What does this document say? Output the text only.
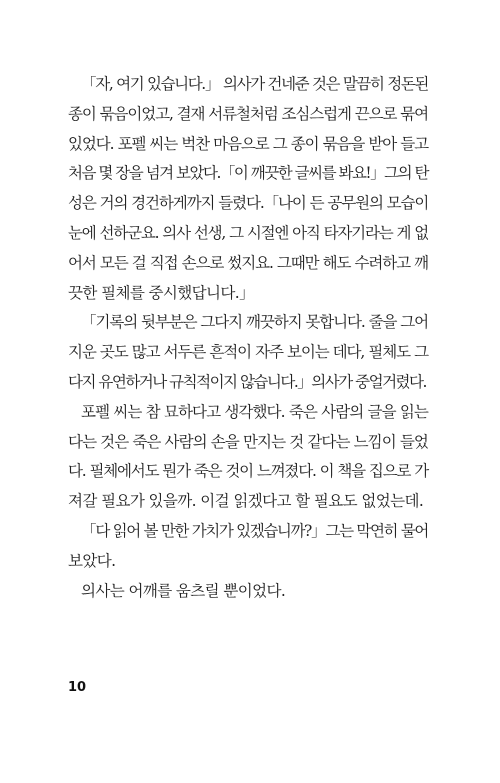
「자, 여기 있습니다.」 의사가 건네준 것은 말끔히 정돈된
종이 묶음이었고, 결재 서류철처럼 조심스럽게 끈으로 묶여
있었다. 포펠 씨는 벅찬 마음으로 그 종이 묶음을 받아 들고
처음 몇 장을 넘겨 보았다.「이 깨끗한 글씨를 봐요!」그의 탄
성은 거의 경건하게까지 들렸다.「나이 든 공무원의 모습이
눈에 선하군요. 의사 선생, 그 시절엔 아직 타자기라는 게 없
어서 모든 걸 직접 손으로 썼지요. 그때만 해도 수려하고 깨
끗한 필체를 중시했답니다.」

「기록의 뒷부분은 그다지 깨끗하지 못합니다. 줄을 그어
지운 곳도 많고 서두른 흔적이 자주 보이는 데다, 필체도 그
다지 유연하거나 규칙적이지 않습니다.」의사가 중얼거렸다.

포펠 씨는 참 묘하다고 생각했다. 죽은 사람의 글을 읽는
다는 것은 죽은 사람의 손을 만지는 것 같다는 느낌이 들었
다. 필체에서도 뭔가 죽은 것이 느껴졌다. 이 책을 집으로 가
져갈 필요가 있을까. 이걸 읽겠다고 할 필요도 없었는데.

「다 읽어 볼 만한 가치가 있겠습니까?」그는 막연히 물어
보았다.

의사는 어깨를 움츠릴 뿐이었다.

10
